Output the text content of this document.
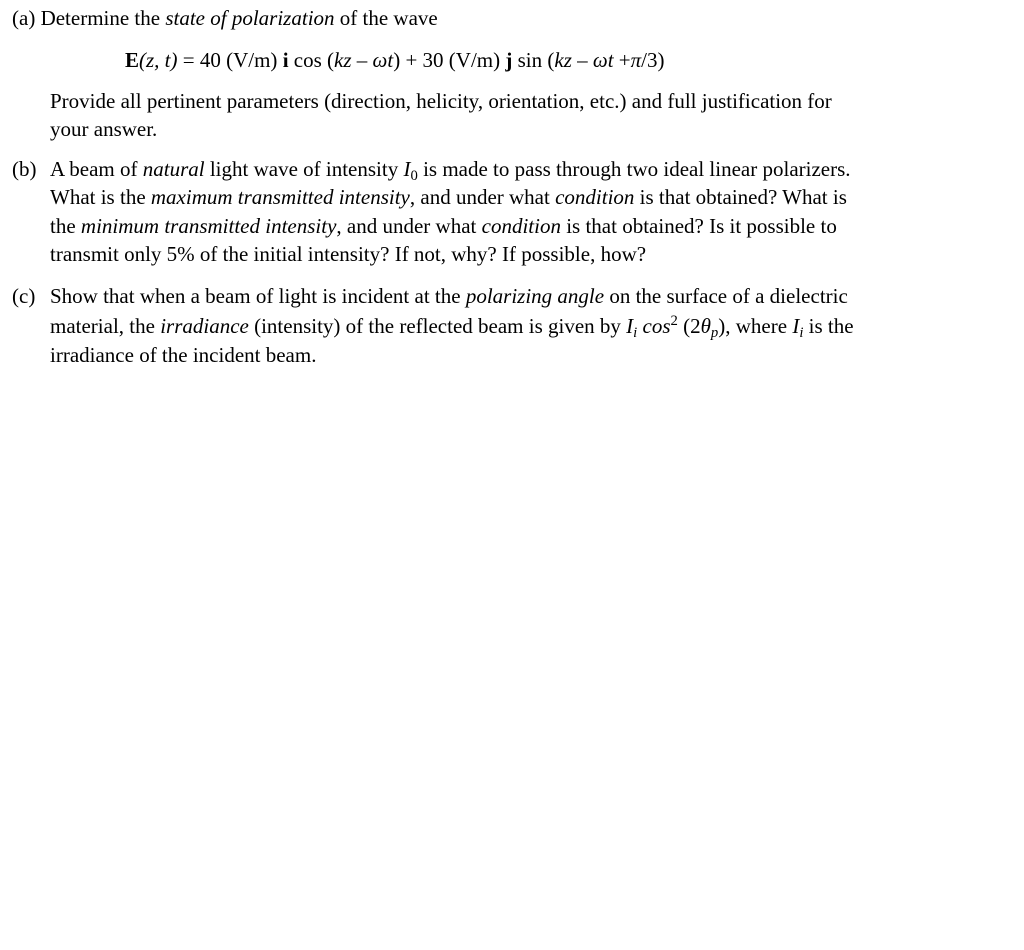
(a) Determine the state of polarization of the wave
E(z, t) = 40 (V/m) i cos (kz – ωt) + 30 (V/m) j sin (kz – ωt +π/3)
Provide all pertinent parameters (direction, helicity, orientation, etc.) and full justification for
your answer.
(b) A beam of natural light wave of intensity $I_0$ is made to pass through two ideal linear polarizers.
What is the maximum transmitted intensity, and under what condition is that obtained? What is
the minimum transmitted intensity, and under what condition is that obtained? Is it possible to
transmit only 5% of the initial intensity? If not, why? If possible, how?
(c) Show that when a beam of light is incident at the polarizing angle on the surface of a dielectric
material, the irradiance (intensity) of the reflected beam is given by $I_i$ $\cos^2 (2\theta_p)$, where $I_i$ is the
irradiance of the incident beam.
